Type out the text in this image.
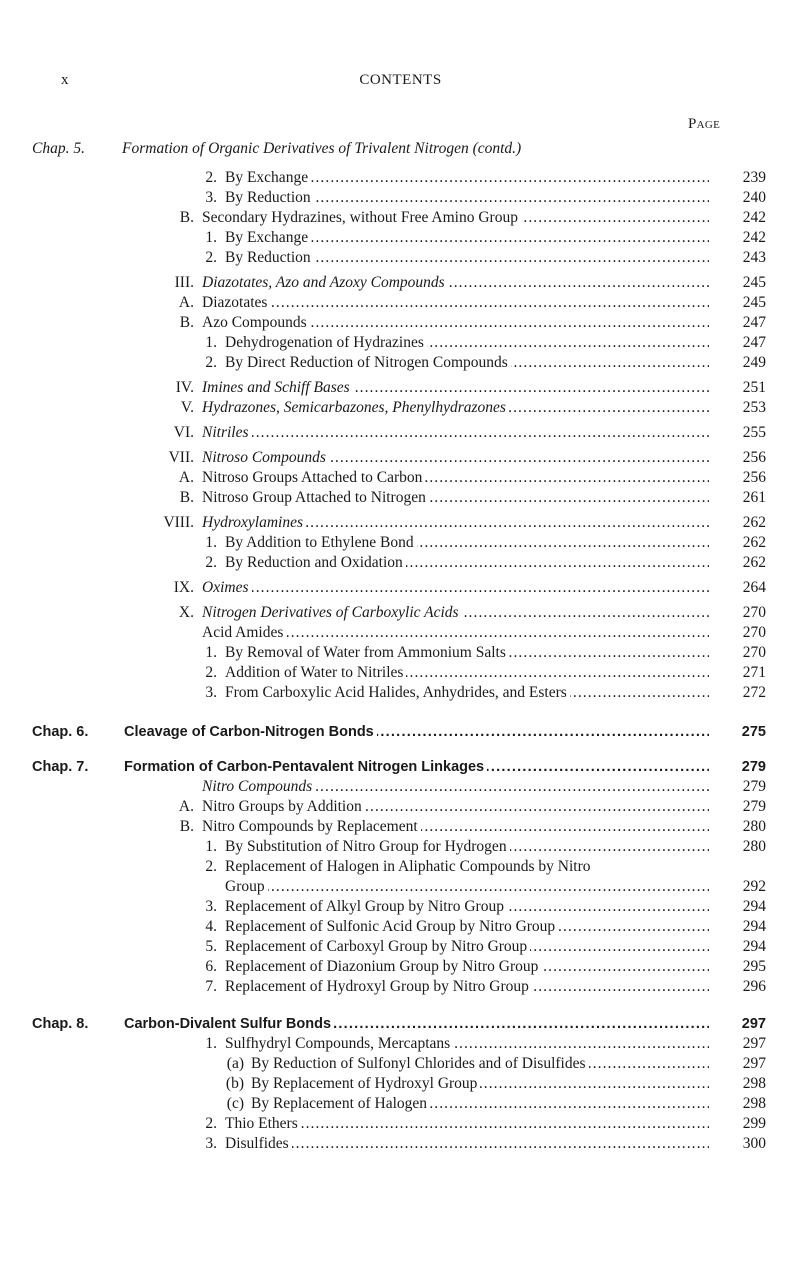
x	CONTENTS
Page
Chap. 5. Formation of Organic Derivatives of Trivalent Nitrogen (contd.)
2. By Exchange . . .	239
3. By Reduction . . .	240
B. Secondary Hydrazines, without Free Amino Group . . .	242
1. By Exchange . . .	242
2. By Reduction . . .	243
III. Diazotates, Azo and Azoxy Compounds . . .	245
A. Diazotates . . .	245
B. Azo Compounds . . .	247
1. Dehydrogenation of Hydrazines . . .	247
2. By Direct Reduction of Nitrogen Compounds . . .	249
IV. Imines and Schiff Bases . . .	251
V. Hydrazones, Semicarbazones, Phenylhydrazones . . .	253
VI. Nitriles . . .	255
VII. Nitroso Compounds . . .	256
A. Nitroso Groups Attached to Carbon . . .	256
B. Nitroso Group Attached to Nitrogen . . .	261
VIII. Hydroxylamines . . .	262
1. By Addition to Ethylene Bond . . .	262
2. By Reduction and Oxidation . . .	262
IX. Oximes . . .	264
X. Nitrogen Derivatives of Carboxylic Acids . . .	270
Acid Amides . . .	270
1. By Removal of Water from Ammonium Salts . . .	270
2. Addition of Water to Nitriles . . .	271
3. From Carboxylic Acid Halides, Anhydrides, and Esters . . .	272
Chap. 6. Cleavage of Carbon-Nitrogen Bonds . . .	275
Chap. 7. Formation of Carbon-Pentavalent Nitrogen Linkages . . .	279
Nitro Compounds . . .	279
A. Nitro Groups by Addition . . .	279
B. Nitro Compounds by Replacement . . .	280
1. By Substitution of Nitro Group for Hydrogen . . .	280
2. Replacement of Halogen in Aliphatic Compounds by Nitro
Group . . .	292
3. Replacement of Alkyl Group by Nitro Group . . .	294
4. Replacement of Sulfonic Acid Group by Nitro Group . . .	294
5. Replacement of Carboxyl Group by Nitro Group . . .	294
6. Replacement of Diazonium Group by Nitro Group . . .	295
7. Replacement of Hydroxyl Group by Nitro Group . . .	296
Chap. 8. Carbon-Divalent Sulfur Bonds . . .	297
1. Sulfhydryl Compounds, Mercaptans . . .	297
(a) By Reduction of Sulfonyl Chlorides and of Disulfides . . .	297
(b) By Replacement of Hydroxyl Group . . .	298
(c) By Replacement of Halogen . . .	298
2. Thio Ethers . . .	299
3. Disulfides . . .	300
